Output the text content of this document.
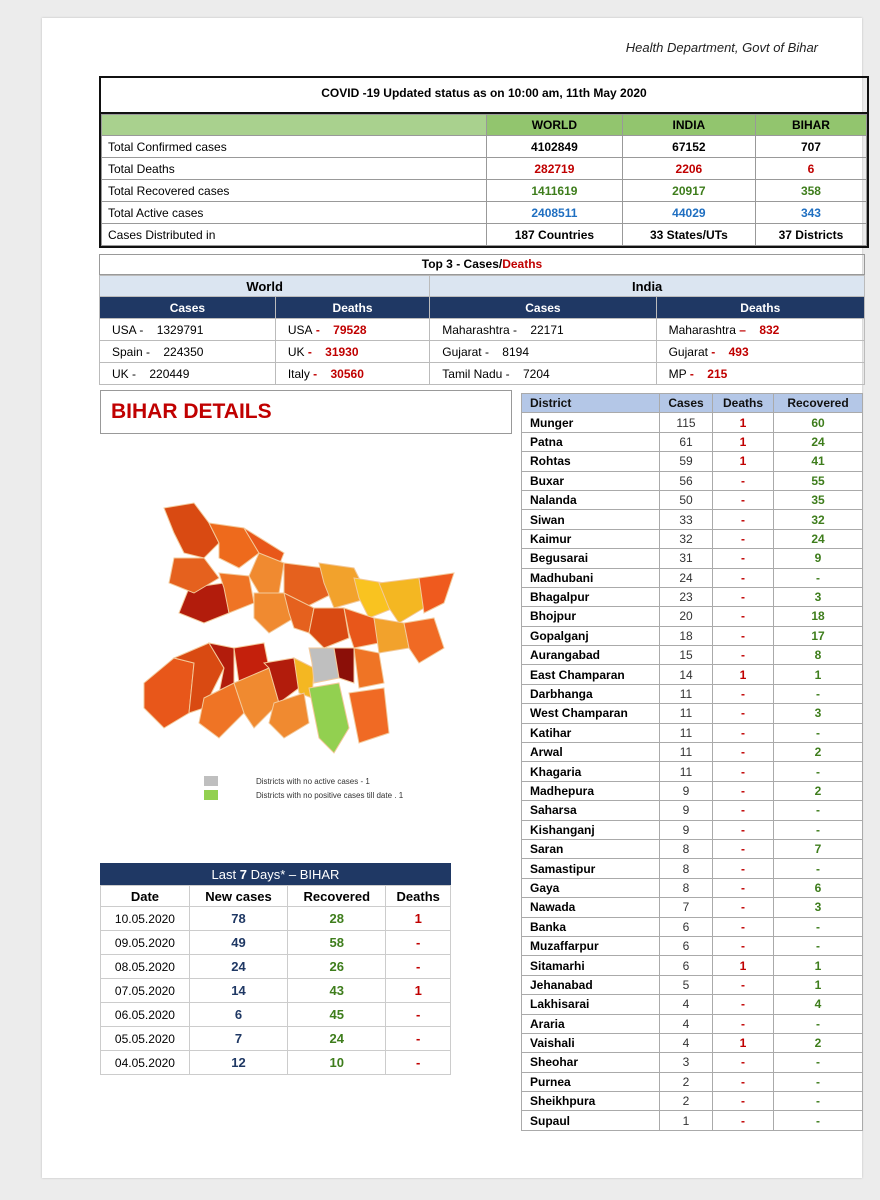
Health Department, Govt of Bihar
COVID -19 Updated status as on 10:00 am, 11th May 2020
	WORLD	INDIA	BIHAR
Total Confirmed cases	4102849	67152	707
Total Deaths	282719	2206	6
Total Recovered cases	1411619	20917	358
Total Active cases	2408511	44029	343
Cases Distributed in	187 Countries	33 States/UTs	37 Districts
Top 3 - Cases/Deaths
World		India	
Cases	Deaths	Cases	Deaths
USA - 1329791	USA - 79528	Maharashtra - 22171	Maharashtra – 832
Spain - 224350	UK - 31930	Gujarat - 8194	Gujarat - 493
UK - 220449	Italy - 30560	Tamil Nadu - 7204	MP - 215
BIHAR DETAILS
Districts with no active cases - 1
Districts with no positive cases till date . 1
Last 7 Days* – BIHAR
Date	New cases	Recovered	Deaths
10.05.2020	78	28	1
09.05.2020	49	58	-
08.05.2020	24	26	-
07.05.2020	14	43	1
06.05.2020	6	45	-
05.05.2020	7	24	-
04.05.2020	12	10	-
District	Cases	Deaths	Recovered
Munger	115	1	60
Patna	61	1	24
Rohtas	59	1	41
Buxar	56	-	55
Nalanda	50	-	35
Siwan	33	-	32
Kaimur	32	-	24
Begusarai	31	-	9
Madhubani	24	-	-
Bhagalpur	23	-	3
Bhojpur	20	-	18
Gopalganj	18	-	17
Aurangabad	15	-	8
East Champaran	14	1	1
Darbhanga	11	-	-
West Champaran	11	-	3
Katihar	11	-	-
Arwal	11	-	2
Khagaria	11	-	-
Madhepura	9	-	2
Saharsa	9	-	-
Kishanganj	9	-	-
Saran	8	-	7
Samastipur	8	-	-
Gaya	8	-	6
Nawada	7	-	3
Banka	6	-	-
Muzaffarpur	6	-	-
Sitamarhi	6	1	1
Jehanabad	5	-	1
Lakhisarai	4	-	4
Araria	4	-	-
Vaishali	4	1	2
Sheohar	3	-	-
Purnea	2	-	-
Sheikhpura	2	-	-
Supaul	1	-	-
